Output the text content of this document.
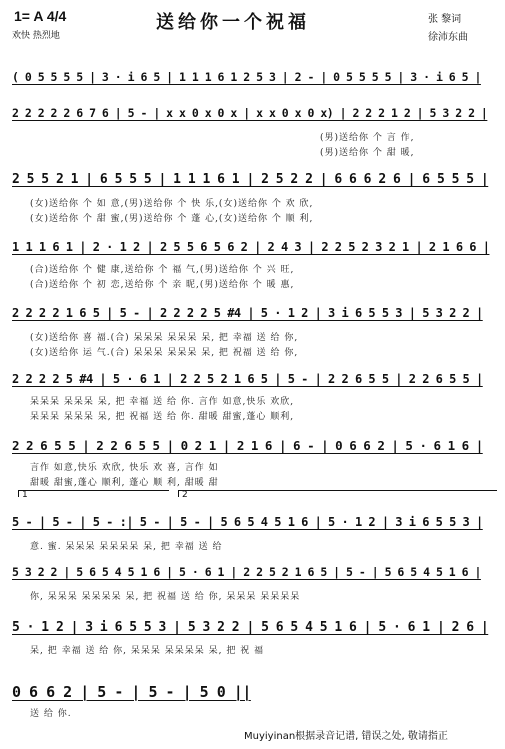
1= A 4/4
欢快 热烈地
送给你一个祝福	张 黎词
徐沛东曲
( 0 5 5 5 5 | 3 · i 6 5 | 1 1 1 6 1 2 5 3 | 2 - | 0 5 5 5 5 | 3 · i 6 5 |
2 2 2 2 2 6 7 6 | 5 - | x x 0 x 0 x | x x 0 x 0 x) | 2 2 2 1 2 | 5 3 2 2 |
(男)送给你 个 言 作,
(男)送给你 个 甜 暖,
2 5 5 2 1 | 6 5 5 5 | 1 1 1 6 1 | 2 5 2 2 | 6 6 6 2 6 | 6 5 5 5 |
(女)送给你 个 如 意,(男)送给你 个 快 乐,(女)送给你 个 欢 欣,
(女)送给你 个 甜 蜜,(男)送给你 个 蓬 心,(女)送给你 个 顺 利,
1 1 1 6 1 | 2 · 1 2 | 2 5 5 6 5 6 2 | 2 4 3 | 2 2 5 2 3 2 1 | 2 1 6 6 |
(合)送给你 个 健 康,送给你 个 福 气,(男)送给你 个 兴 旺,
(合)送给你 个 初 恋,送给你 个 亲 昵,(男)送给你 个 暖 惠,
2 2 2 2 1 6 5 | 5 - | 2 2 2 2 5 #4 | 5 · 1 2 | 3 i 6 5 5 3 | 5 3 2 2 |
(女)送给你 喜 福.(合) 呆呆呆 呆呆呆 呆, 把 幸福 送 给 你,
(女)送给你 运 气.(合) 呆呆呆 呆呆呆 呆, 把 祝福 送 给 你,
2 2 2 2 5 #4 | 5 · 6 1 | 2 2 5 2 1 6 5 | 5 - | 2 2 6 5 5 | 2 2 6 5 5 |
呆呆呆 呆呆呆 呆, 把 幸福 送 给 你. 言作 如意,快乐 欢欣,
呆呆呆 呆呆呆 呆, 把 祝福 送 给 你. 甜暖 甜蜜,蓬心 顺利,
2 2 6 5 5 | 2 2 6 5 5 | 0 2 1 | 2 1 6 | 6 - | 0 6 6 2 | 5 · 6 1 6 |
言作 如意,快乐 欢欣, 快乐 欢 喜, 言作 如
甜暖 甜蜜,蓬心 顺利, 蓬心 顺 利, 甜暖 甜
5 - | 5 - | 5 - :| 5 - | 5 - | 5 6 5 4 5 1 6 | 5 · 1 2 | 3 i 6 5 5 3 |
意. 蜜. 呆呆呆 呆呆呆呆 呆, 把 幸福 送 给
5 3 2 2 | 5 6 5 4 5 1 6 | 5 · 6 1 | 2 2 5 2 1 6 5 | 5 - | 5 6 5 4 5 1 6 |
你, 呆呆呆 呆呆呆呆 呆, 把 祝福 送 给 你, 呆呆呆 呆呆呆呆
5 · 1 2 | 3 i 6 5 5 3 | 5 3 2 2 | 5 6 5 4 5 1 6 | 5 · 6 1 | 2 6 |
呆, 把 幸福 送 给 你, 呆呆呆 呆呆呆呆 呆, 把 祝 福
0 6 6 2 | 5 - | 5 - | 5 0 ||
送 给 你.
1	2
Muyiyinan根据录音记谱, 错误之处, 敬请指正
